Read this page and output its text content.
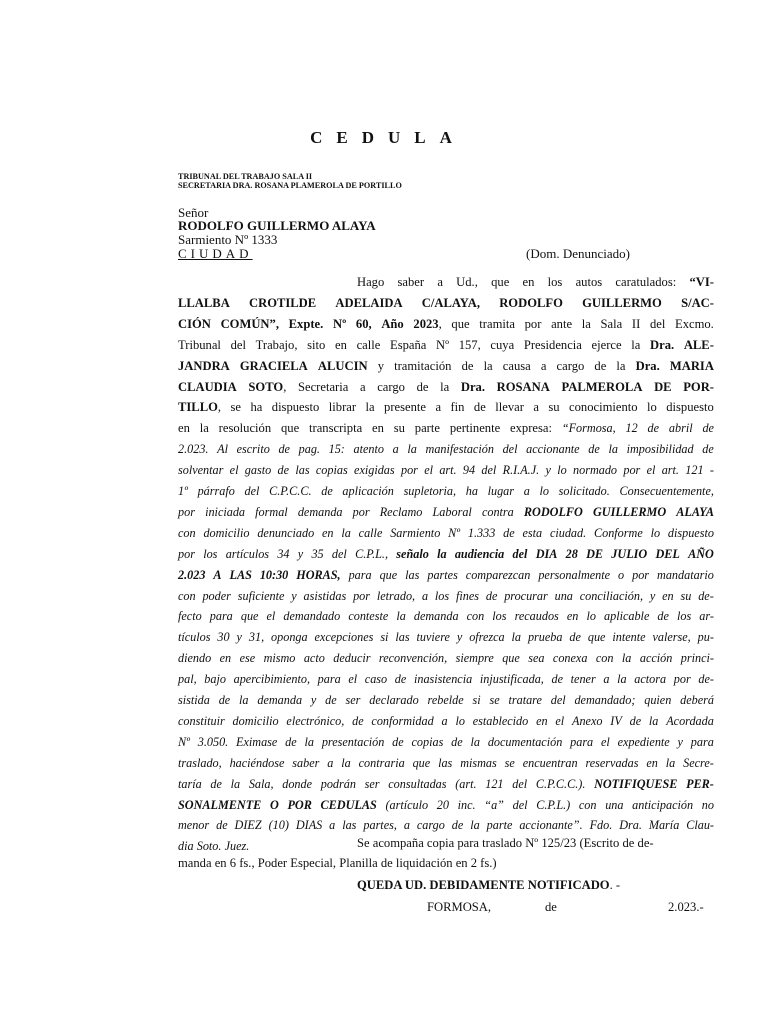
CEDULA
TRIBUNAL DEL TRABAJO SALA II
SECRETARIA DRA. ROSANA PLAMEROLA DE PORTILLO
Señor
RODOLFO GUILLERMO ALAYA
Sarmiento Nº 1333
CIUDAD	(Dom. Denunciado)
Hago saber a Ud., que en los autos caratulados: “VI-
LLALBA CROTILDE ADELAIDA C/ALAYA, RODOLFO GUILLERMO S/AC-
CIÓN COMÚN”, Expte. Nº 60, Año 2023, que tramita por ante la Sala II del Excmo.
Tribunal del Trabajo, sito en calle España Nº 157, cuya Presidencia ejerce la Dra. ALE-
JANDRA GRACIELA ALUCIN y tramitación de la causa a cargo de la Dra. MARIA
CLAUDIA SOTO, Secretaria a cargo de la Dra. ROSANA PALMEROLA DE POR-
TILLO, se ha dispuesto librar la presente a fin de llevar a su conocimiento lo dispuesto
en la resolución que transcripta en su parte pertinente expresa: “Formosa, 12 de abril de
2.023. Al escrito de pag. 15: atento a la manifestación del accionante de la imposibilidad de
solventar el gasto de las copias exigidas por el art. 94 del R.I.A.J. y lo normado por el art. 121 -
1º párrafo del C.P.C.C. de aplicación supletoria, ha lugar a lo solicitado. Consecuentemente,
por iniciada formal demanda por Reclamo Laboral contra RODOLFO GUILLERMO ALAYA
con domicilio denunciado en la calle Sarmiento Nº 1.333 de esta ciudad. Conforme lo dispuesto
por los artículos 34 y 35 del C.P.L., señalo la audiencia del DIA 28 DE JULIO DEL AÑO
2.023 A LAS 10:30 HORAS, para que las partes comparezcan personalmente o por mandatario
con poder suficiente y asistidas por letrado, a los fines de procurar una conciliación, y en su de-
fecto para que el demandado conteste la demanda con los recaudos en lo aplicable de los ar-
tículos 30 y 31, oponga excepciones si las tuviere y ofrezca la prueba de que intente valerse, pu-
diendo en ese mismo acto deducir reconvención, siempre que sea conexa con la acción princi-
pal, bajo apercibimiento, para el caso de inasistencia injustificada, de tener a la actora por de-
sistida de la demanda y de ser declarado rebelde si se tratare del demandado; quien deberá
constituir domicilio electrónico, de conformidad a lo establecido en el Anexo IV de la Acordada
Nº 3.050. Eximase de la presentación de copias de la documentación para el expediente y para
traslado, haciéndose saber a la contraria que las mismas se encuentran reservadas en la Secre-
taría de la Sala, donde podrán ser consultadas (art. 121 del C.P.C.C.). NOTIFIQUESE PER-
SONALMENTE O POR CEDULAS (artículo 20 inc. “a” del C.P.L.) con una anticipación no
menor de DIEZ (10) DIAS a las partes, a cargo de la parte accionante”. Fdo. Dra. María Clau-
dia
Soto.
Juez.
	Se acompaña copia para traslado Nº 125/23 (Escrito de de-
manda en 6 fs., Poder Especial, Planilla de liquidación en 2 fs.)
QUEDA UD. DEBIDAMENTE NOTIFICADO. -
FORMOSA,	de	2.023.-
